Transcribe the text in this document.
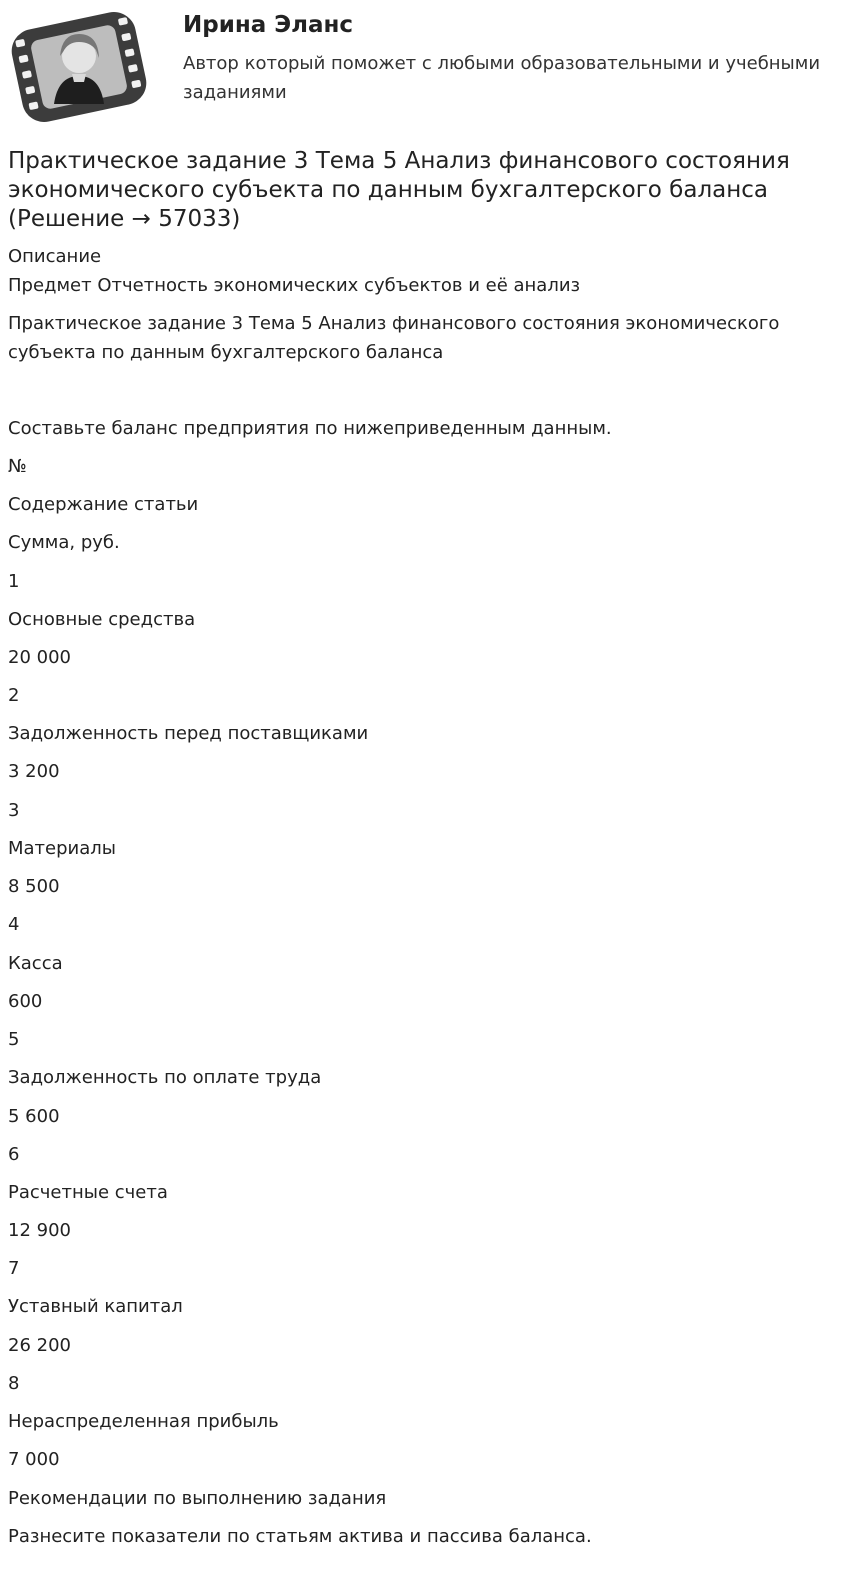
Ирина Эланс
Автор который поможет с любыми образовательными и учебными заданиями
Практическое задание 3 Тема 5 Анализ финансового состояния экономического субъекта по данным бухгалтерского баланса (Решение → 57033)
Описание
Предмет Отчетность экономических субъектов и её анализ
Практическое задание 3 Тема 5 Анализ финансового состояния экономического субъекта по данным бухгалтерского баланса
Составьте баланс предприятия по нижеприведенным данным.
№
Содержание статьи
Сумма, руб.
1
Основные средства
20 000
2
Задолженность перед поставщиками
3 200
3
Материалы
8 500
4
Касса
600
5
Задолженность по оплате труда
5 600
6
Расчетные счета
12 900
7
Уставный капитал
26 200
8
Нераспределенная прибыль
7 000
Рекомендации по выполнению задания
Разнесите показатели по статьям актива и пассива баланса.
